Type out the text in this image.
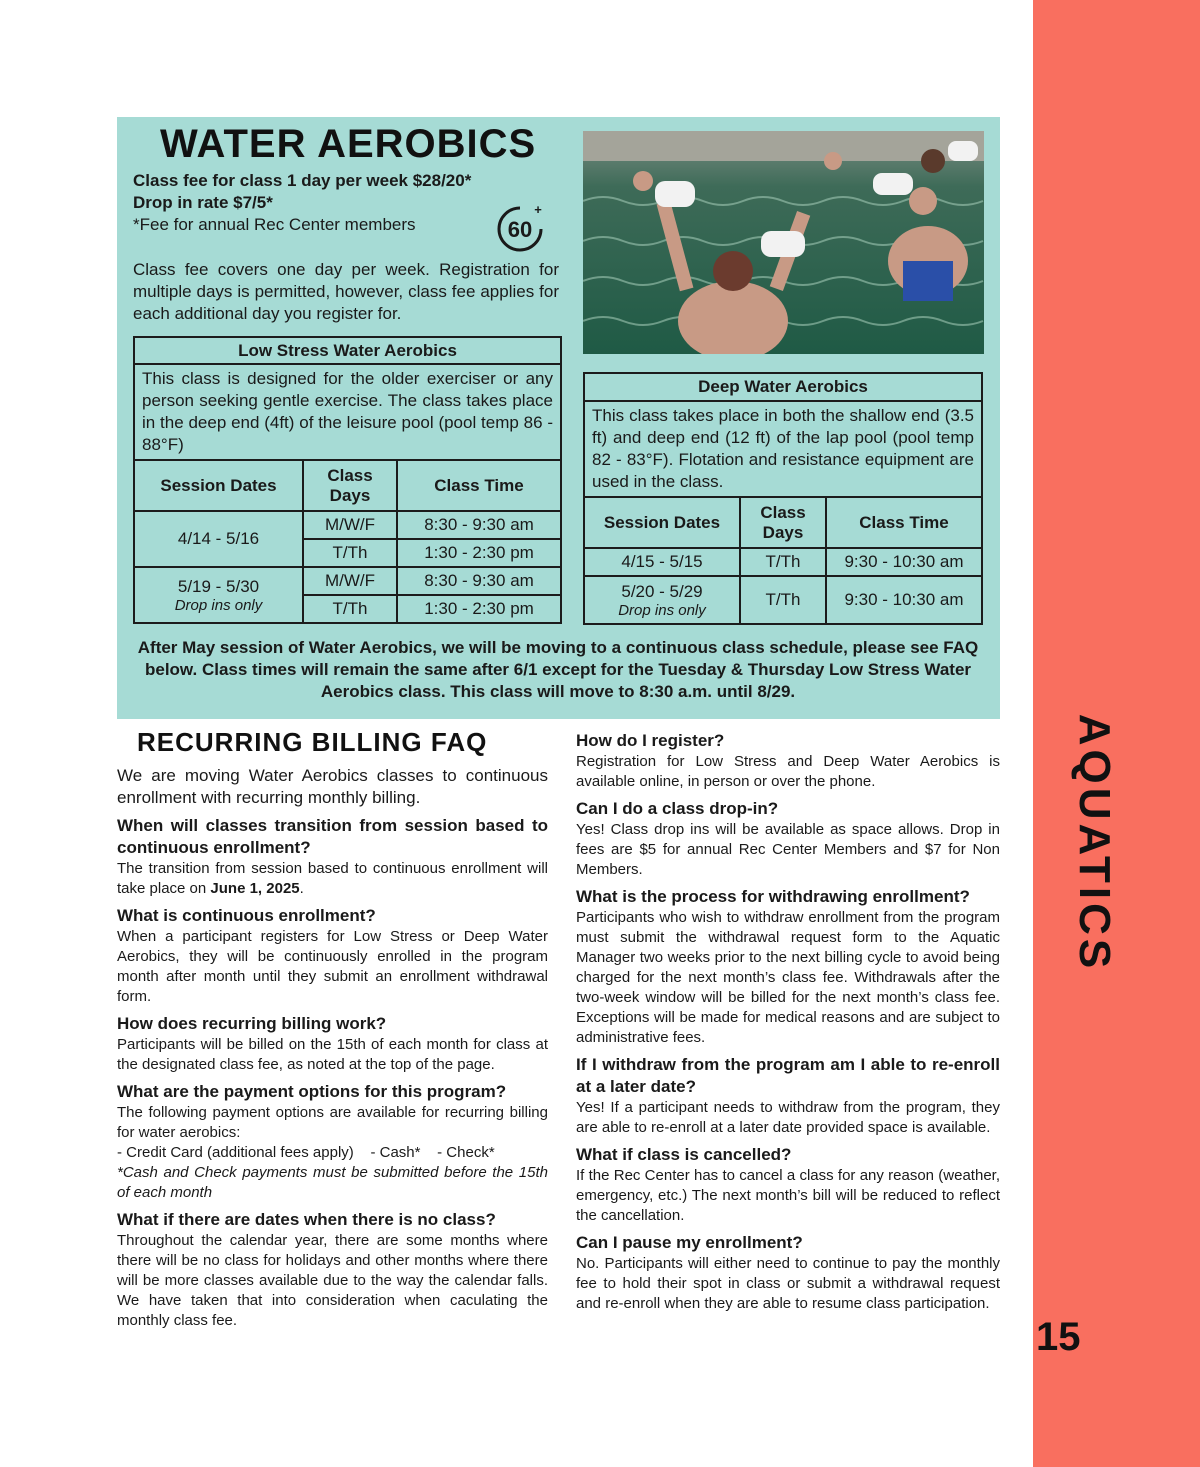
AQUATICS
15
WATER AEROBICS
Class fee for class 1 day per week $28/20*
Drop in rate $7/5*
*Fee for annual Rec Center members
+
60
Class fee covers one day per week. Registration for multiple days is permitted, however, class fee applies for each additional day you register for.
Low Stress Water Aerobics		
This class is designed for the older exerciser or any person seeking gentle exercise. The class takes place in the deep end (4ft) of the leisure pool (pool temp 86 - 88°F)		
Session Dates	Class Days	Class Time
4/14 - 5/16	M/W/F	8:30 - 9:30 am
	T/Th	1:30 - 2:30 pm
5/19 - 5/30
Drop ins only	M/W/F	8:30 - 9:30 am
	T/Th	1:30 - 2:30 pm
Deep Water Aerobics		
This class takes place in both the shallow end (3.5 ft) and deep end (12 ft) of the lap pool (pool temp 82 - 83°F). Flotation and resistance equipment are used in the class.		
Session Dates	Class Days	Class Time
4/15 - 5/15	T/Th	9:30 - 10:30 am
5/20 - 5/29
Drop ins only	T/Th	9:30 - 10:30 am
After May session of Water Aerobics, we will be moving to a continuous class schedule, please see FAQ below. Class times will remain the same after 6/1 except for the Tuesday & Thursday Low Stress Water Aerobics class. This class will move to 8:30 a.m. until 8/29.
RECURRING BILLING FAQ
We are moving Water Aerobics classes to continuous enrollment with recurring monthly billing.
When will classes transition from session based to continuous enrollment?
The transition from session based to continuous enrollment will take place on June 1, 2025.
What is continuous enrollment?
When a participant registers for Low Stress or Deep Water Aerobics, they will be continuously enrolled in the program month after month until they submit an enrollment withdrawal form.
How does recurring billing work?
Participants will be billed on the 15th of each month for class at the designated class fee, as noted at the top of the page.
What are the payment options for this program?
The following payment options are available for recurring billing for water aerobics:
- Credit Card (additional fees apply)    - Cash*    - Check*
*Cash and Check payments must be submitted before the 15th of each month
What if there are dates when there is no class?
Throughout the calendar year, there are some months where there will be no class for holidays and other months where there will be more classes available due to the way the calendar falls. We have taken that into consideration when caculating the monthly class fee.
How do I register?
Registration for Low Stress and Deep Water Aerobics is available online, in person or over the phone.
Can I do a class drop-in?
Yes! Class drop ins will be available as space allows. Drop in fees are $5 for annual Rec Center Members and $7 for Non Members.
What is the process for withdrawing enrollment?
Participants who wish to withdraw enrollment from the program must submit the withdrawal request form to the Aquatic Manager two weeks prior to the next billing cycle to avoid being charged for the next month’s class fee. Withdrawals after the two-week window will be billed for the next month’s class fee. Exceptions will be made for medical reasons and are subject to administrative fees.
If I withdraw from the program am I able to re-enroll at a later date?
Yes! If a participant needs to withdraw from the program, they are able to re-enroll at a later date provided space is available.
What if class is cancelled?
If the Rec Center has to cancel a class for any reason (weather, emergency, etc.) The next month’s bill will be reduced to reflect the cancellation.
Can I pause my enrollment?
No. Participants will either need to continue to pay the monthly fee to hold their spot in class or submit a withdrawal request and re-enroll when they are able to resume class participation.
